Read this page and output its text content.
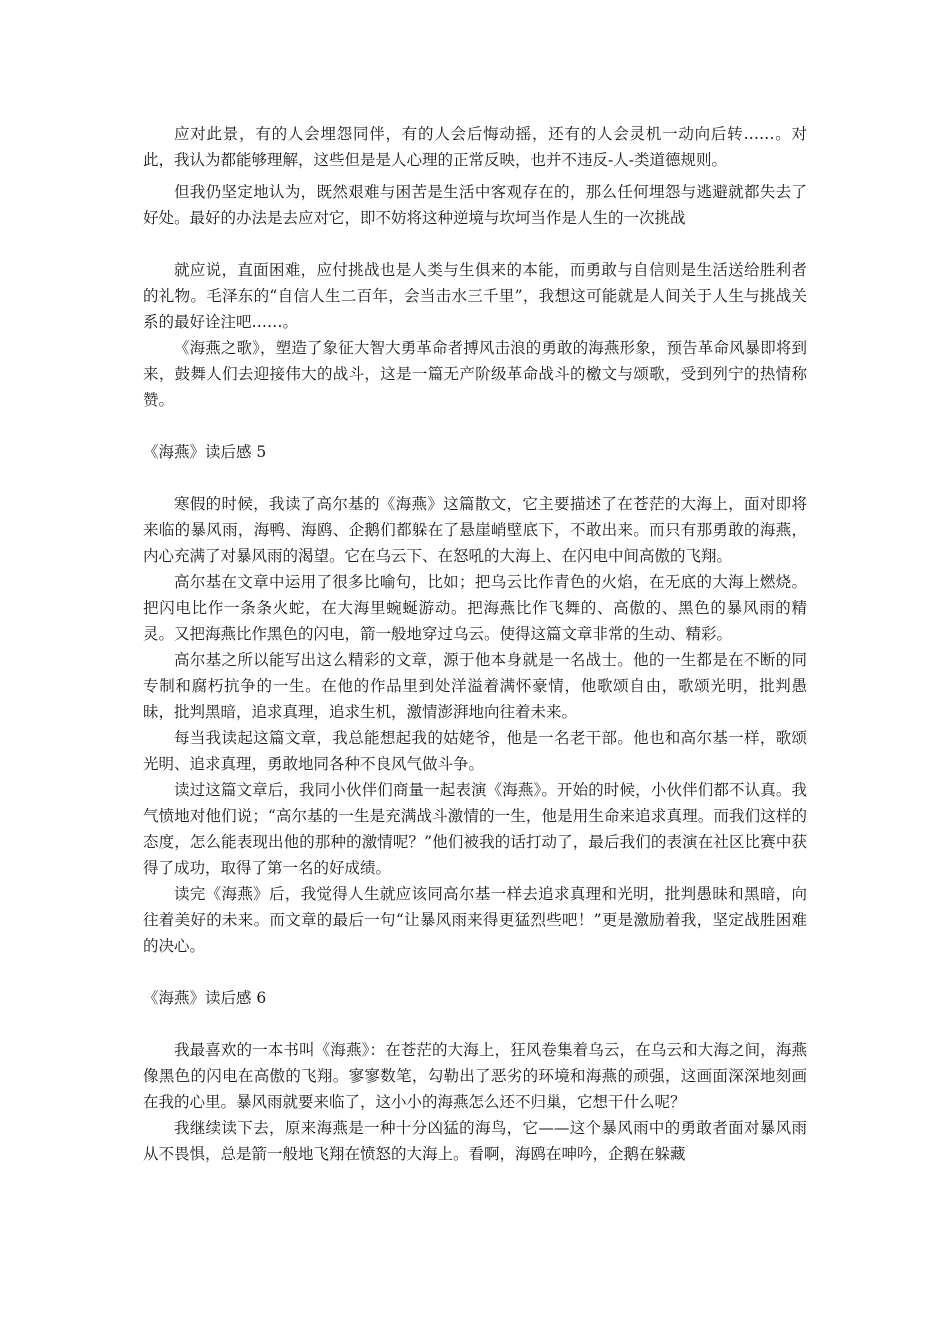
应对此景，有的人会埋怨同伴，有的人会后悔动摇，还有的人会灵机一动向后转……。对此，我认为都能够理解，这些但是是人心理的正常反映，也并不违反-人-类道德规则。

但我仍坚定地认为，既然艰难与困苦是生活中客观存在的，那么任何埋怨与逃避就都失去了好处。最好的办法是去应对它，即不妨将这种逆境与坎坷当作是人生的一次挑战

就应说，直面困难，应付挑战也是人类与生俱来的本能，而勇敢与自信则是生活送给胜利者的礼物。毛泽东的“自信人生二百年，会当击水三千里”，我想这可能就是人间关于人生与挑战关系的最好诠注吧……。

《海燕之歌》，塑造了象征大智大勇革命者搏风击浪的勇敢的海燕形象，预告革命风暴即将到来，鼓舞人们去迎接伟大的战斗，这是一篇无产阶级革命战斗的檄文与颂歌，受到列宁的热情称赞。

《海燕》读后感 5

寒假的时候，我读了高尔基的《海燕》这篇散文，它主要描述了在苍茫的大海上，面对即将来临的暴风雨，海鸭、海鸥、企鹅们都躲在了悬崖峭壁底下，不敢出来。而只有那勇敢的海燕，内心充满了对暴风雨的渴望。它在乌云下、在怒吼的大海上、在闪电中间高傲的飞翔。

高尔基在文章中运用了很多比喻句，比如；把乌云比作青色的火焰，在无底的大海上燃烧。把闪电比作一条条火蛇，在大海里蜿蜒游动。把海燕比作飞舞的、高傲的、黑色的暴风雨的精灵。又把海燕比作黑色的闪电，箭一般地穿过乌云。使得这篇文章非常的生动、精彩。

高尔基之所以能写出这么精彩的文章，源于他本身就是一名战士。他的一生都是在不断的同专制和腐朽抗争的一生。在他的作品里到处洋溢着满怀豪情，他歌颂自由，歌颂光明，批判愚昧，批判黑暗，追求真理，追求生机，激情澎湃地向往着未来。

每当我读起这篇文章，我总能想起我的姑姥爷，他是一名老干部。他也和高尔基一样，歌颂光明、追求真理，勇敢地同各种不良风气做斗争。

读过这篇文章后，我同小伙伴们商量一起表演《海燕》。开始的时候，小伙伴们都不认真。我气愤地对他们说；“高尔基的一生是充满战斗激情的一生，他是用生命来追求真理。而我们这样的态度，怎么能表现出他的那种的激情呢？”他们被我的话打动了，最后我们的表演在社区比赛中获得了成功，取得了第一名的好成绩。

读完《海燕》后，我觉得人生就应该同高尔基一样去追求真理和光明，批判愚昧和黑暗，向往着美好的未来。而文章的最后一句“让暴风雨来得更猛烈些吧！”更是激励着我，坚定战胜困难的决心。

《海燕》读后感 6

我最喜欢的一本书叫《海燕》：在苍茫的大海上，狂风卷集着乌云，在乌云和大海之间，海燕像黑色的闪电在高傲的飞翔。寥寥数笔，勾勒出了恶劣的环境和海燕的顽强，这画面深深地刻画在我的心里。暴风雨就要来临了，这小小的海燕怎么还不归巢，它想干什么呢？

我继续读下去，原来海燕是一种十分凶猛的海鸟，它——这个暴风雨中的勇敢者面对暴风雨从不畏惧，总是箭一般地飞翔在愤怒的大海上。看啊，海鸥在呻吟，企鹅在躲藏
